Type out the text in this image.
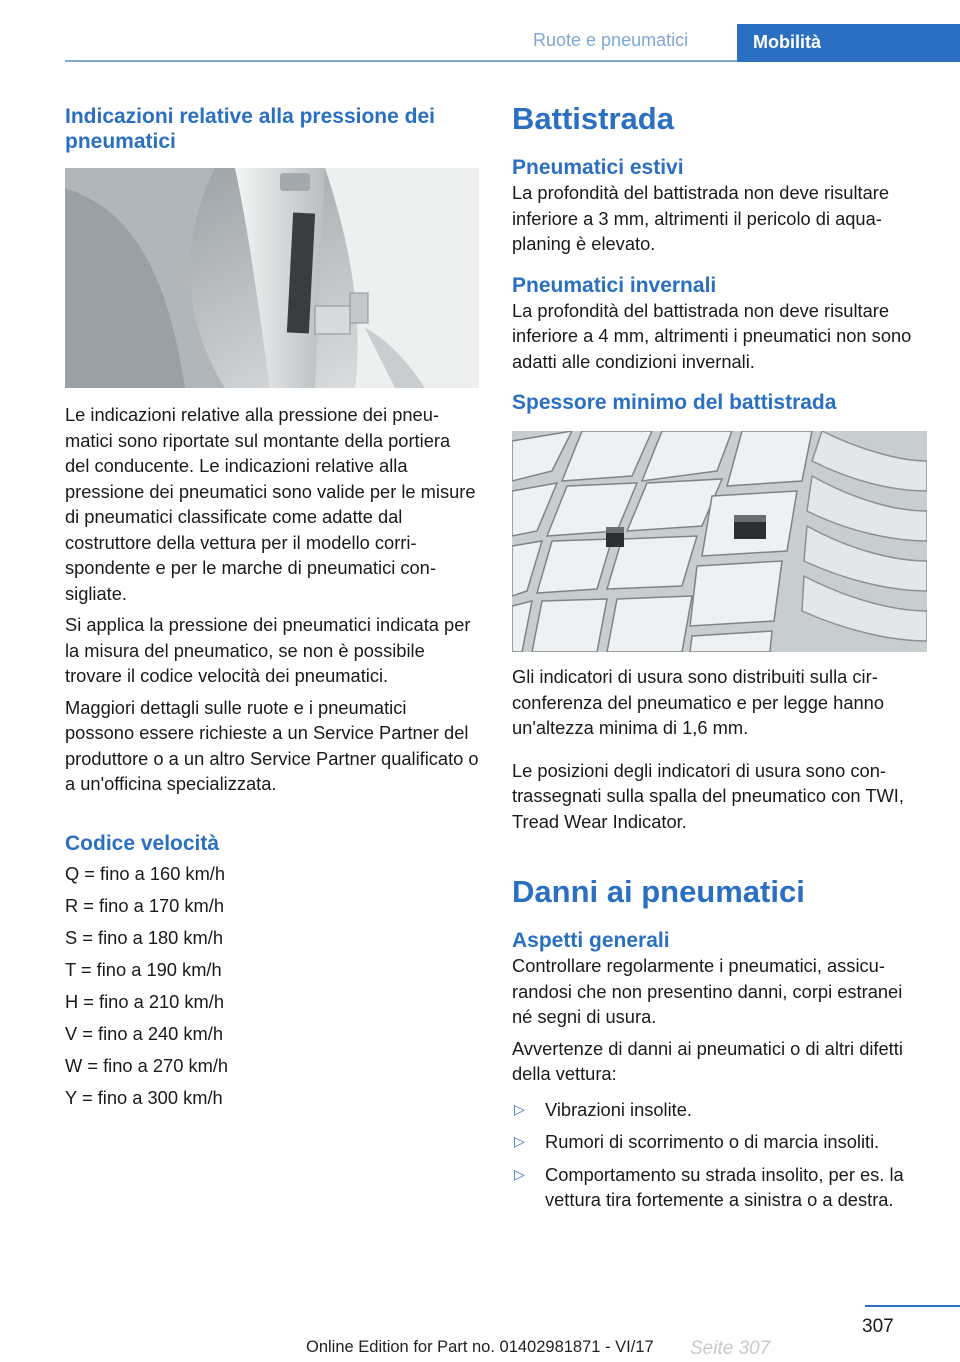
Ruote e pneumatici	Mobilità
Indicazioni relative alla pressione dei pneumatici

Le indicazioni relative alla pressione dei pneumatici sono riportate sul montante della portiera del conducente. Le indicazioni relative alla pressione dei pneumatici sono valide per le misure di pneumatici classificate come adatte dal costruttore della vettura per il modello corrispondente e per le marche di pneumatici consigliate.

Si applica la pressione dei pneumatici indicata per la misura del pneumatico, se non è possibile trovare il codice velocità dei pneumatici.

Maggiori dettagli sulle ruote e i pneumatici possono essere richieste a un Service Partner del produttore o a un altro Service Partner qualificato o a un'officina specializzata.

Codice velocità
Q = fino a 160 km/h
R = fino a 170 km/h
S = fino a 180 km/h
T = fino a 190 km/h
H = fino a 210 km/h
V = fino a 240 km/h
W = fino a 270 km/h
Y = fino a 300 km/h
Battistrada
Pneumatici estivi

La profondità del battistrada non deve risultare inferiore a 3 mm, altrimenti il pericolo di aquaplaning è elevato.

Pneumatici invernali

La profondità del battistrada non deve risultare inferiore a 4 mm, altrimenti i pneumatici non sono adatti alle condizioni invernali.

Spessore minimo del battistrada

Gli indicatori di usura sono distribuiti sulla circonferenza del pneumatico e per legge hanno un'altezza minima di 1,6 mm.

Le posizioni degli indicatori di usura sono contrassegnati sulla spalla del pneumatico con TWI, Tread Wear Indicator.

Danni ai pneumatici
Aspetti generali

Controllare regolarmente i pneumatici, assicurandosi che non presentino danni, corpi estranei né segni di usura.

Avvertenze di danni ai pneumatici o di altri difetti della vettura:

▷ Vibrazioni insolite.
▷ Rumori di scorrimento o di marcia insoliti.
▷ Comportamento su strada insolito, per es. la vettura tira fortemente a sinistra o a destra.
307
Online Edition for Part no. 01402981871 - VI/17 Seite 307
